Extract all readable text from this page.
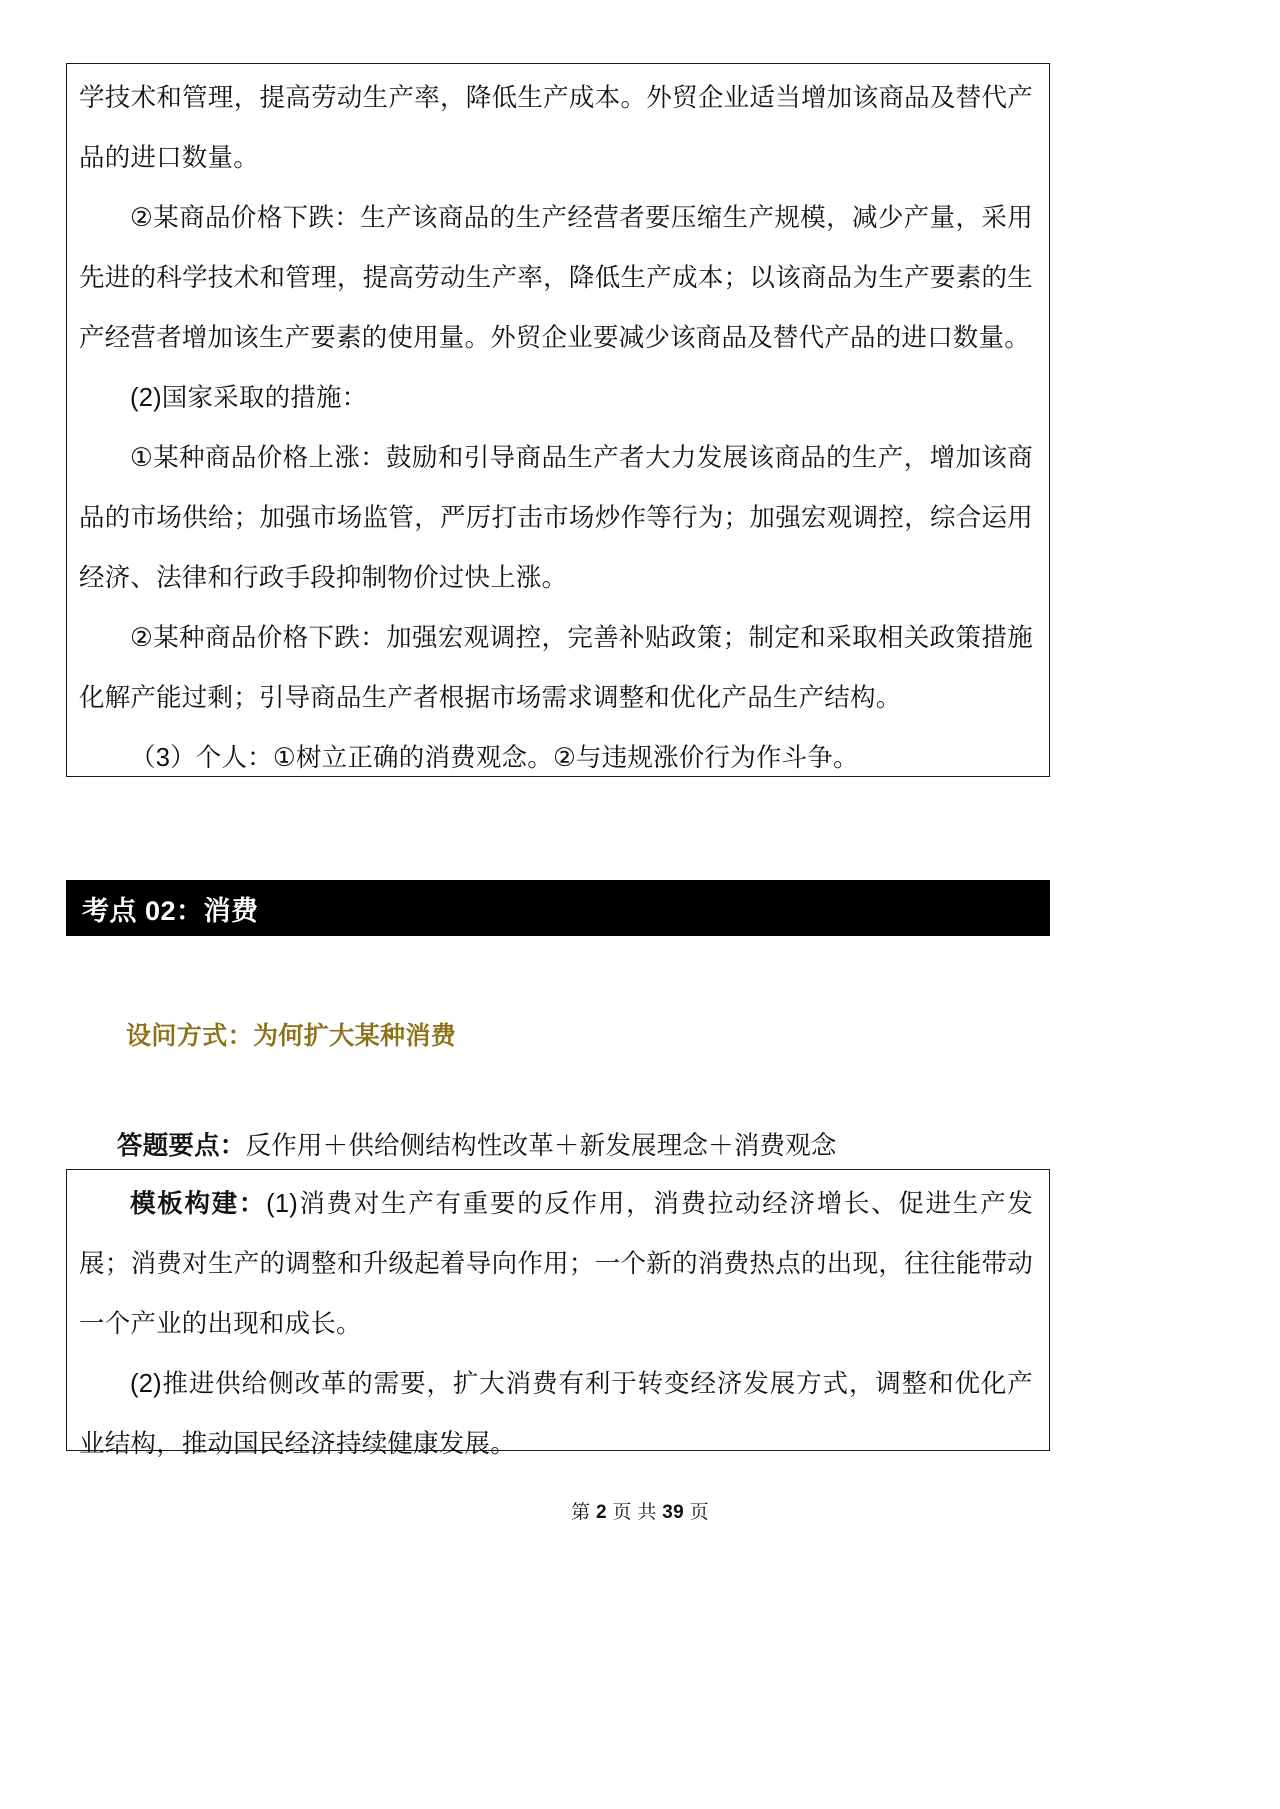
学技术和管理，提高劳动生产率，降低生产成本。外贸企业适当增加该商品及替代产品的进口数量。

②某商品价格下跌：生产该商品的生产经营者要压缩生产规模，减少产量，采用先进的科学技术和管理，提高劳动生产率，降低生产成本；以该商品为生产要素的生产经营者增加该生产要素的使用量。外贸企业要减少该商品及替代产品的进口数量。

(2)国家采取的措施：

①某种商品价格上涨：鼓励和引导商品生产者大力发展该商品的生产，增加该商品的市场供给；加强市场监管，严厉打击市场炒作等行为；加强宏观调控，综合运用经济、法律和行政手段抑制物价过快上涨。

②某种商品价格下跌：加强宏观调控，完善补贴政策；制定和采取相关政策措施化解产能过剩；引导商品生产者根据市场需求调整和优化产品生产结构。

（3）个人：①树立正确的消费观念。②与违规涨价行为作斗争。

考点 02：消费
设问方式：为何扩大某种消费
答题要点：反作用＋供给侧结构性改革＋新发展理念＋消费观念

模板构建：(1)消费对生产有重要的反作用，消费拉动经济增长、促进生产发展；消费对生产的调整和升级起着导向作用；一个新的消费热点的出现，往往能带动一个产业的出现和成长。

(2)推进供给侧改革的需要，扩大消费有利于转变经济发展方式，调整和优化产业结构，推动国民经济持续健康发展。

第 2 页 共 39 页
